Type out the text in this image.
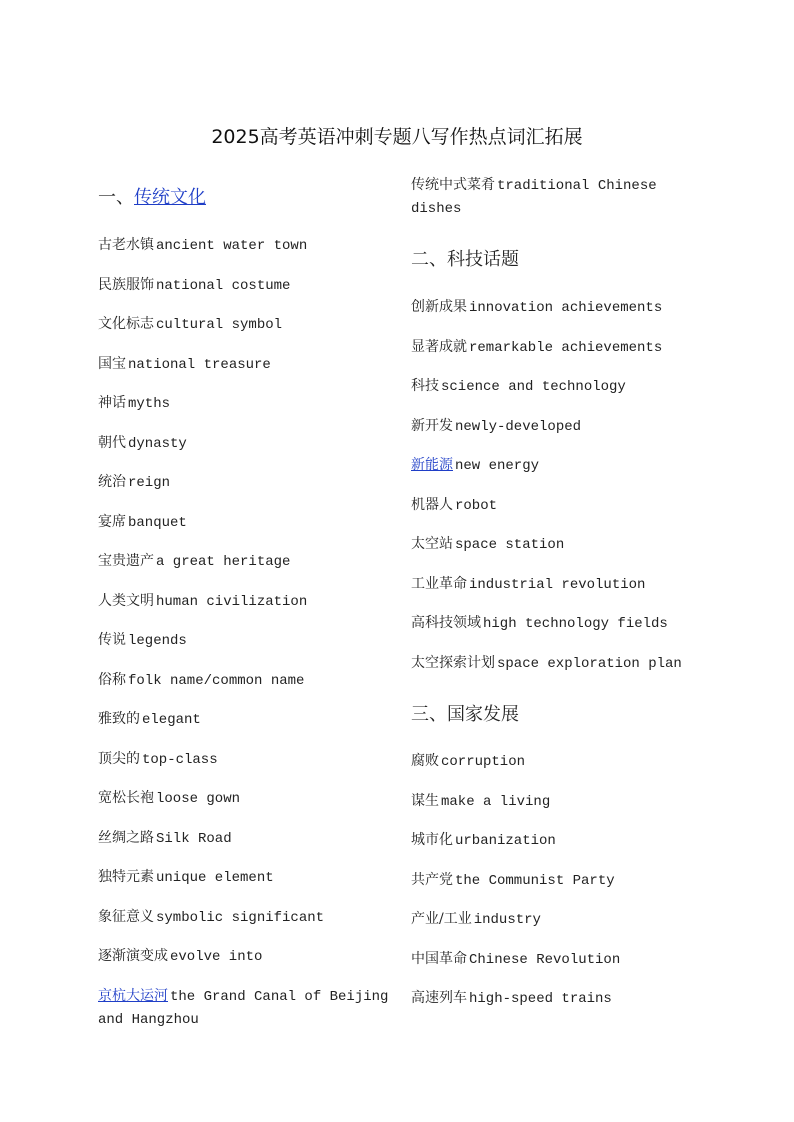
2025高考英语冲刺专题八写作热点词汇拓展
一、传统文化
古老水镇 ancient water town
民族服饰 national costume
文化标志 cultural symbol
国宝 national treasure
神话 myths
朝代 dynasty
统治 reign
宴席 banquet
宝贵遗产 a great heritage
人类文明 human civilization
传说 legends
俗称 folk name/common name
雅致的 elegant
顶尖的 top-class
宽松长袍 loose gown
丝绸之路 Silk Road
独特元素 unique element
象征意义 symbolic significant
逐渐演变成 evolve into
京杭大运河 the Grand Canal of Beijing and Hangzhou
传统中式菜肴 traditional Chinese dishes
二、科技话题
创新成果 innovation achievements
显著成就 remarkable achievements
科技 science and technology
新开发 newly-developed
新能源 new energy
机器人 robot
太空站 space station
工业革命 industrial revolution
高科技领域 high technology fields
太空探索计划 space exploration plan
三、国家发展
腐败 corruption
谋生 make a living
城市化 urbanization
共产党 the Communist Party
产业/工业 industry
中国革命 Chinese Revolution
高速列车 high-speed trains
